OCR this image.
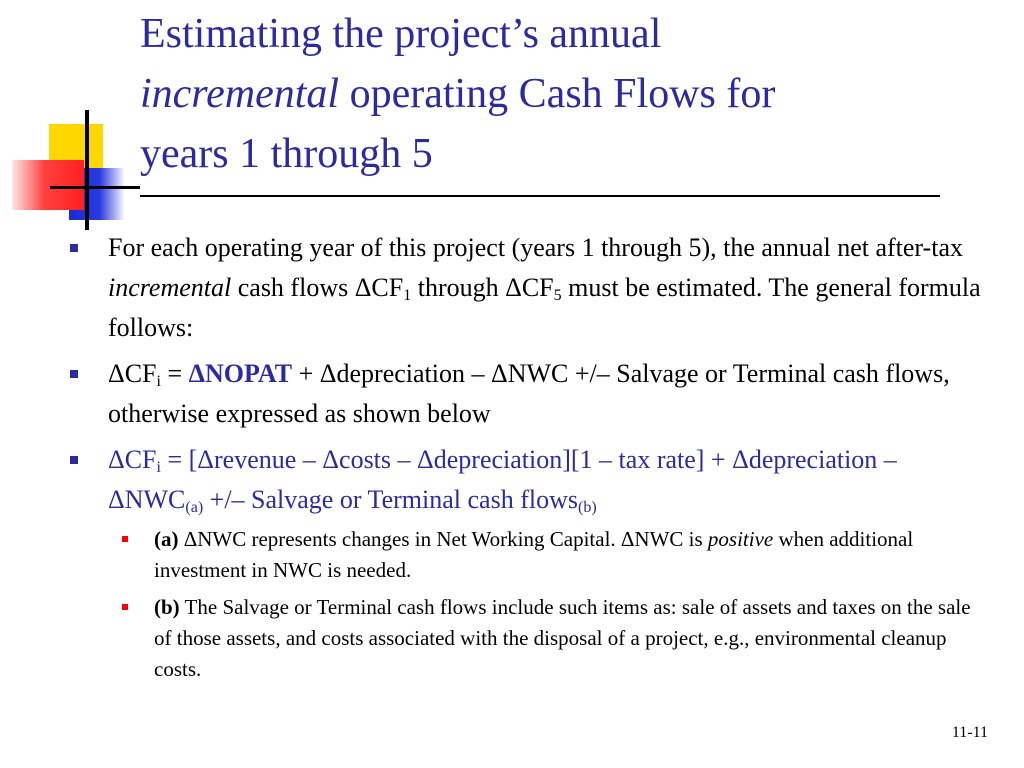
Estimating the project’s annual
incremental operating Cash Flows for
years 1 through 5
For each operating year of this project (years 1 through 5), the annual net after-tax incremental cash flows $\Delta CF_1$ through $\Delta CF_5$ must be estimated. The general formula follows:
$\Delta CF_i$ = ΔNOPAT + Δdepreciation – ΔNWC +/– Salvage or Terminal cash flows, otherwise expressed as shown below
$\Delta CF_i$ = [Δrevenue – Δcosts – Δdepreciation][1 – tax rate] + Δdepreciation – $\Delta NWC_{(a)}$ +/– Salvage or Terminal cash flows$_{(b)}$
(a) ΔNWC represents changes in Net Working Capital. ΔNWC is positive when additional investment in NWC is needed.
(b) The Salvage or Terminal cash flows include such items as: sale of assets and taxes on the sale of those assets, and costs associated with the disposal of a project, e.g., environmental cleanup costs.
11-11
